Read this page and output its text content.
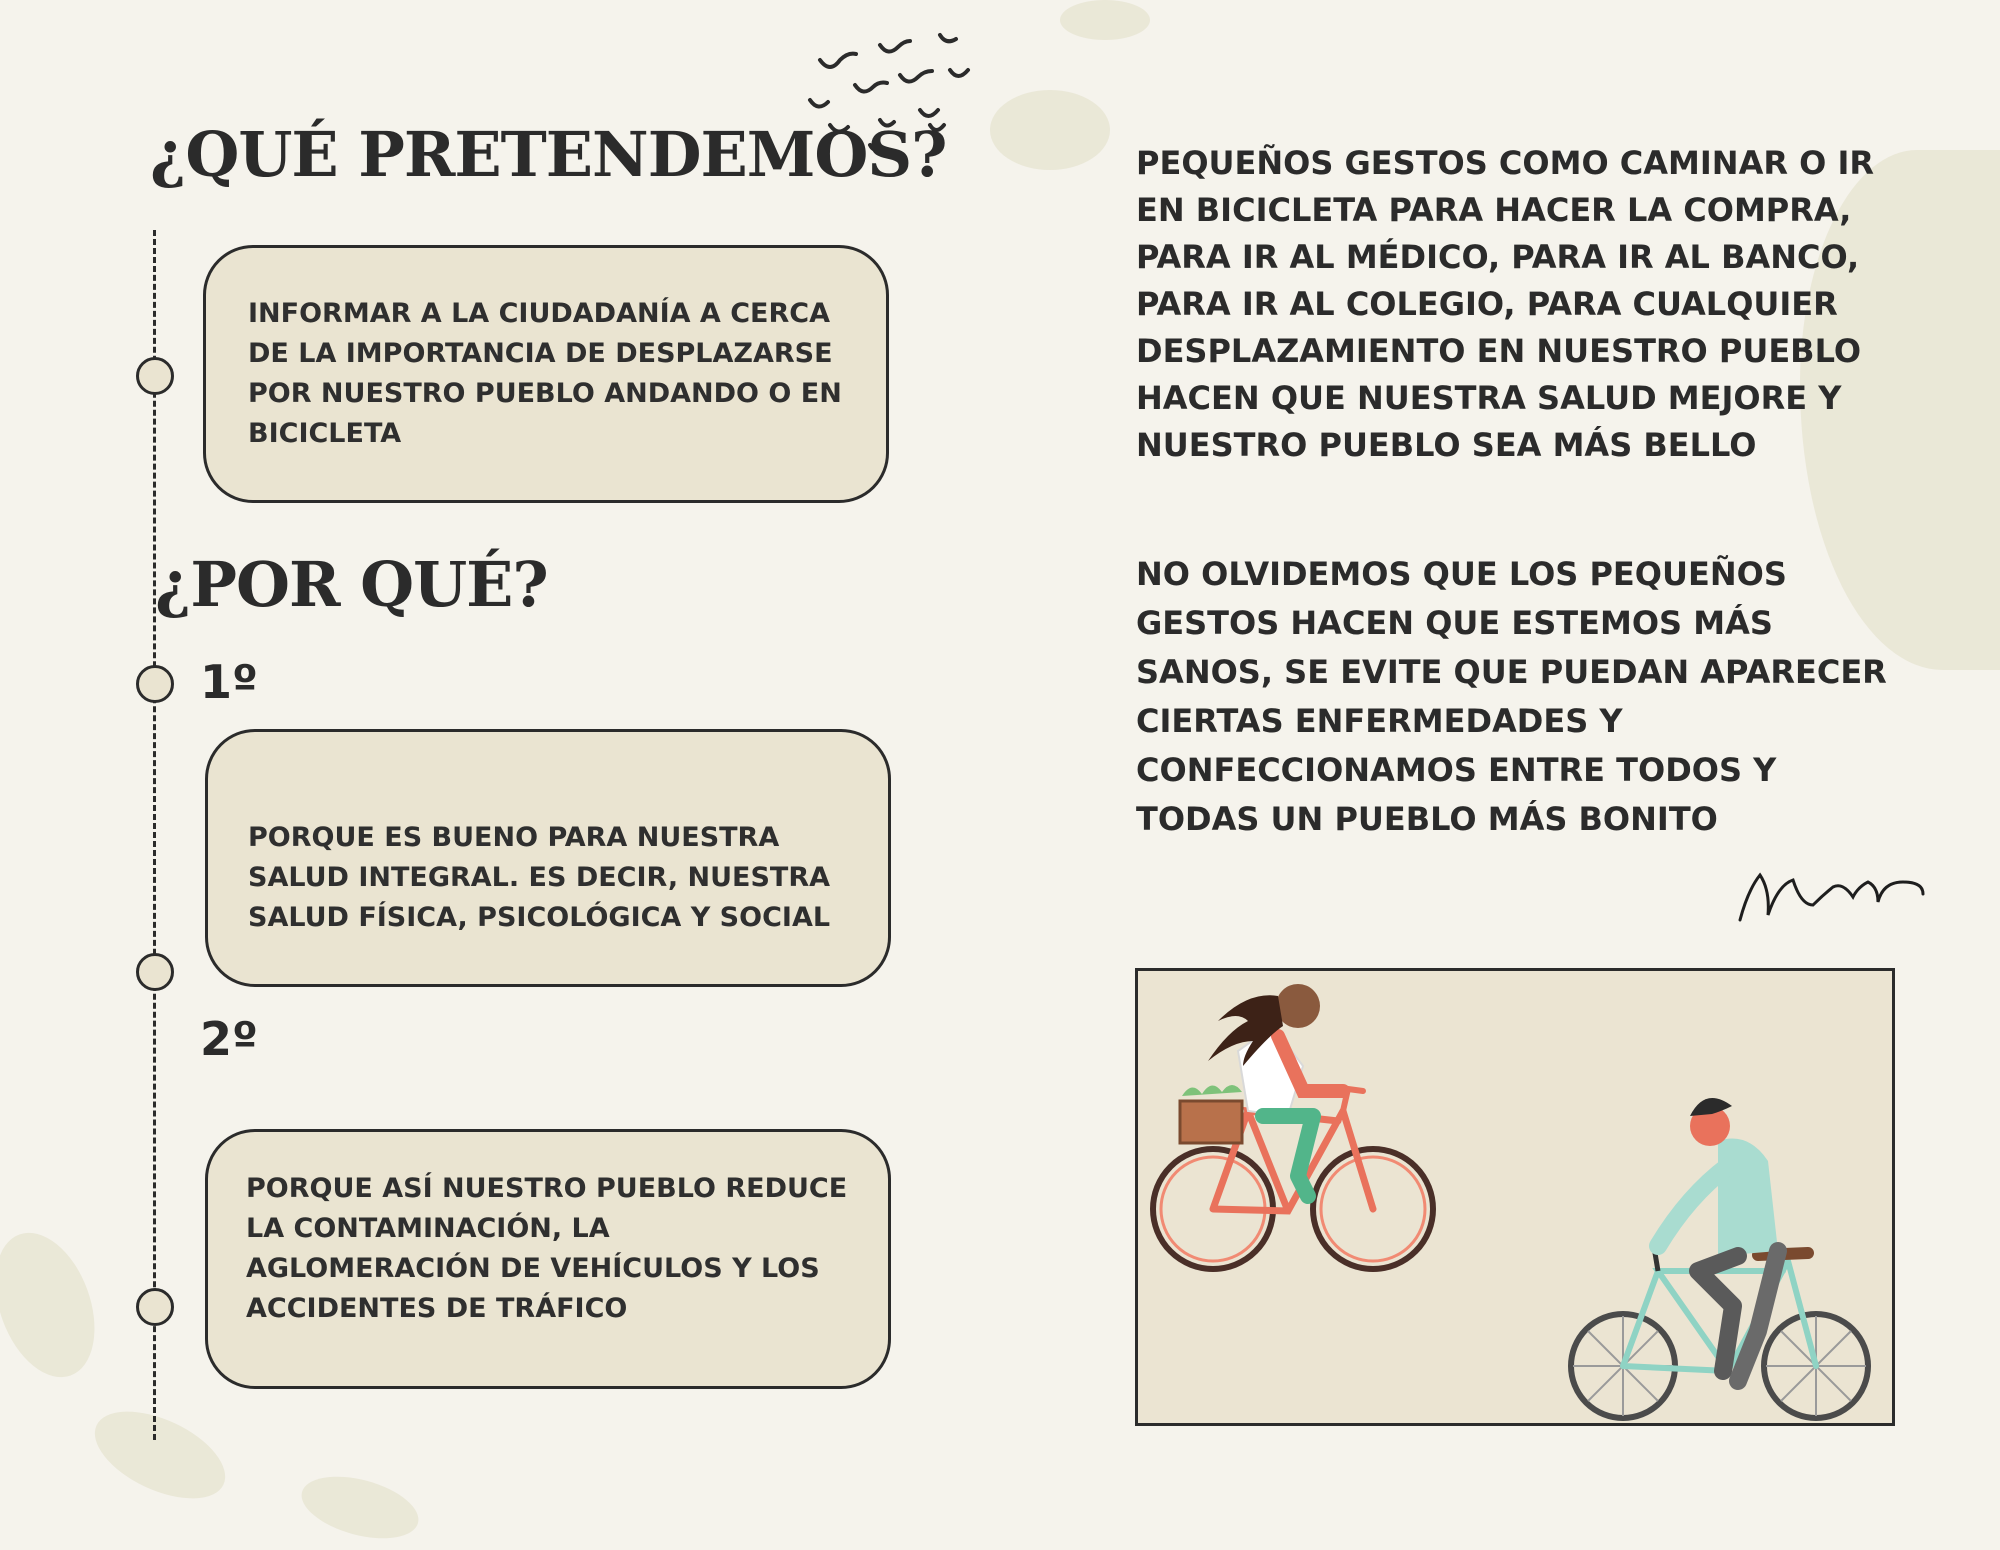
¿QUÉ PRETENDEMOS?

INFORMAR A LA CIUDADANÍA A CERCA DE LA IMPORTANCIA DE DESPLAZARSE POR NUESTRO PUEBLO ANDANDO O EN BICICLETA

¿POR QUÉ?
1º

PORQUE ES BUENO PARA NUESTRA SALUD INTEGRAL. ES DECIR, NUESTRA SALUD FÍSICA, PSICOLÓGICA Y SOCIAL

2º

PORQUE ASÍ NUESTRO PUEBLO REDUCE LA CONTAMINACIÓN, LA AGLOMERACIÓN DE VEHÍCULOS Y LOS ACCIDENTES DE TRÁFICO

PEQUEÑOS GESTOS COMO CAMINAR O IR EN BICICLETA PARA HACER LA COMPRA, PARA IR AL MÉDICO, PARA IR AL BANCO, PARA IR AL COLEGIO, PARA CUALQUIER DESPLAZAMIENTO EN NUESTRO PUEBLO HACEN QUE NUESTRA SALUD MEJORE Y NUESTRO PUEBLO SEA MÁS BELLO

NO OLVIDEMOS QUE LOS PEQUEÑOS GESTOS HACEN QUE ESTEMOS MÁS SANOS, SE EVITE QUE PUEDAN APARECER CIERTAS ENFERMEDADES Y CONFECCIONAMOS ENTRE TODOS Y TODAS UN PUEBLO MÁS BONITO
